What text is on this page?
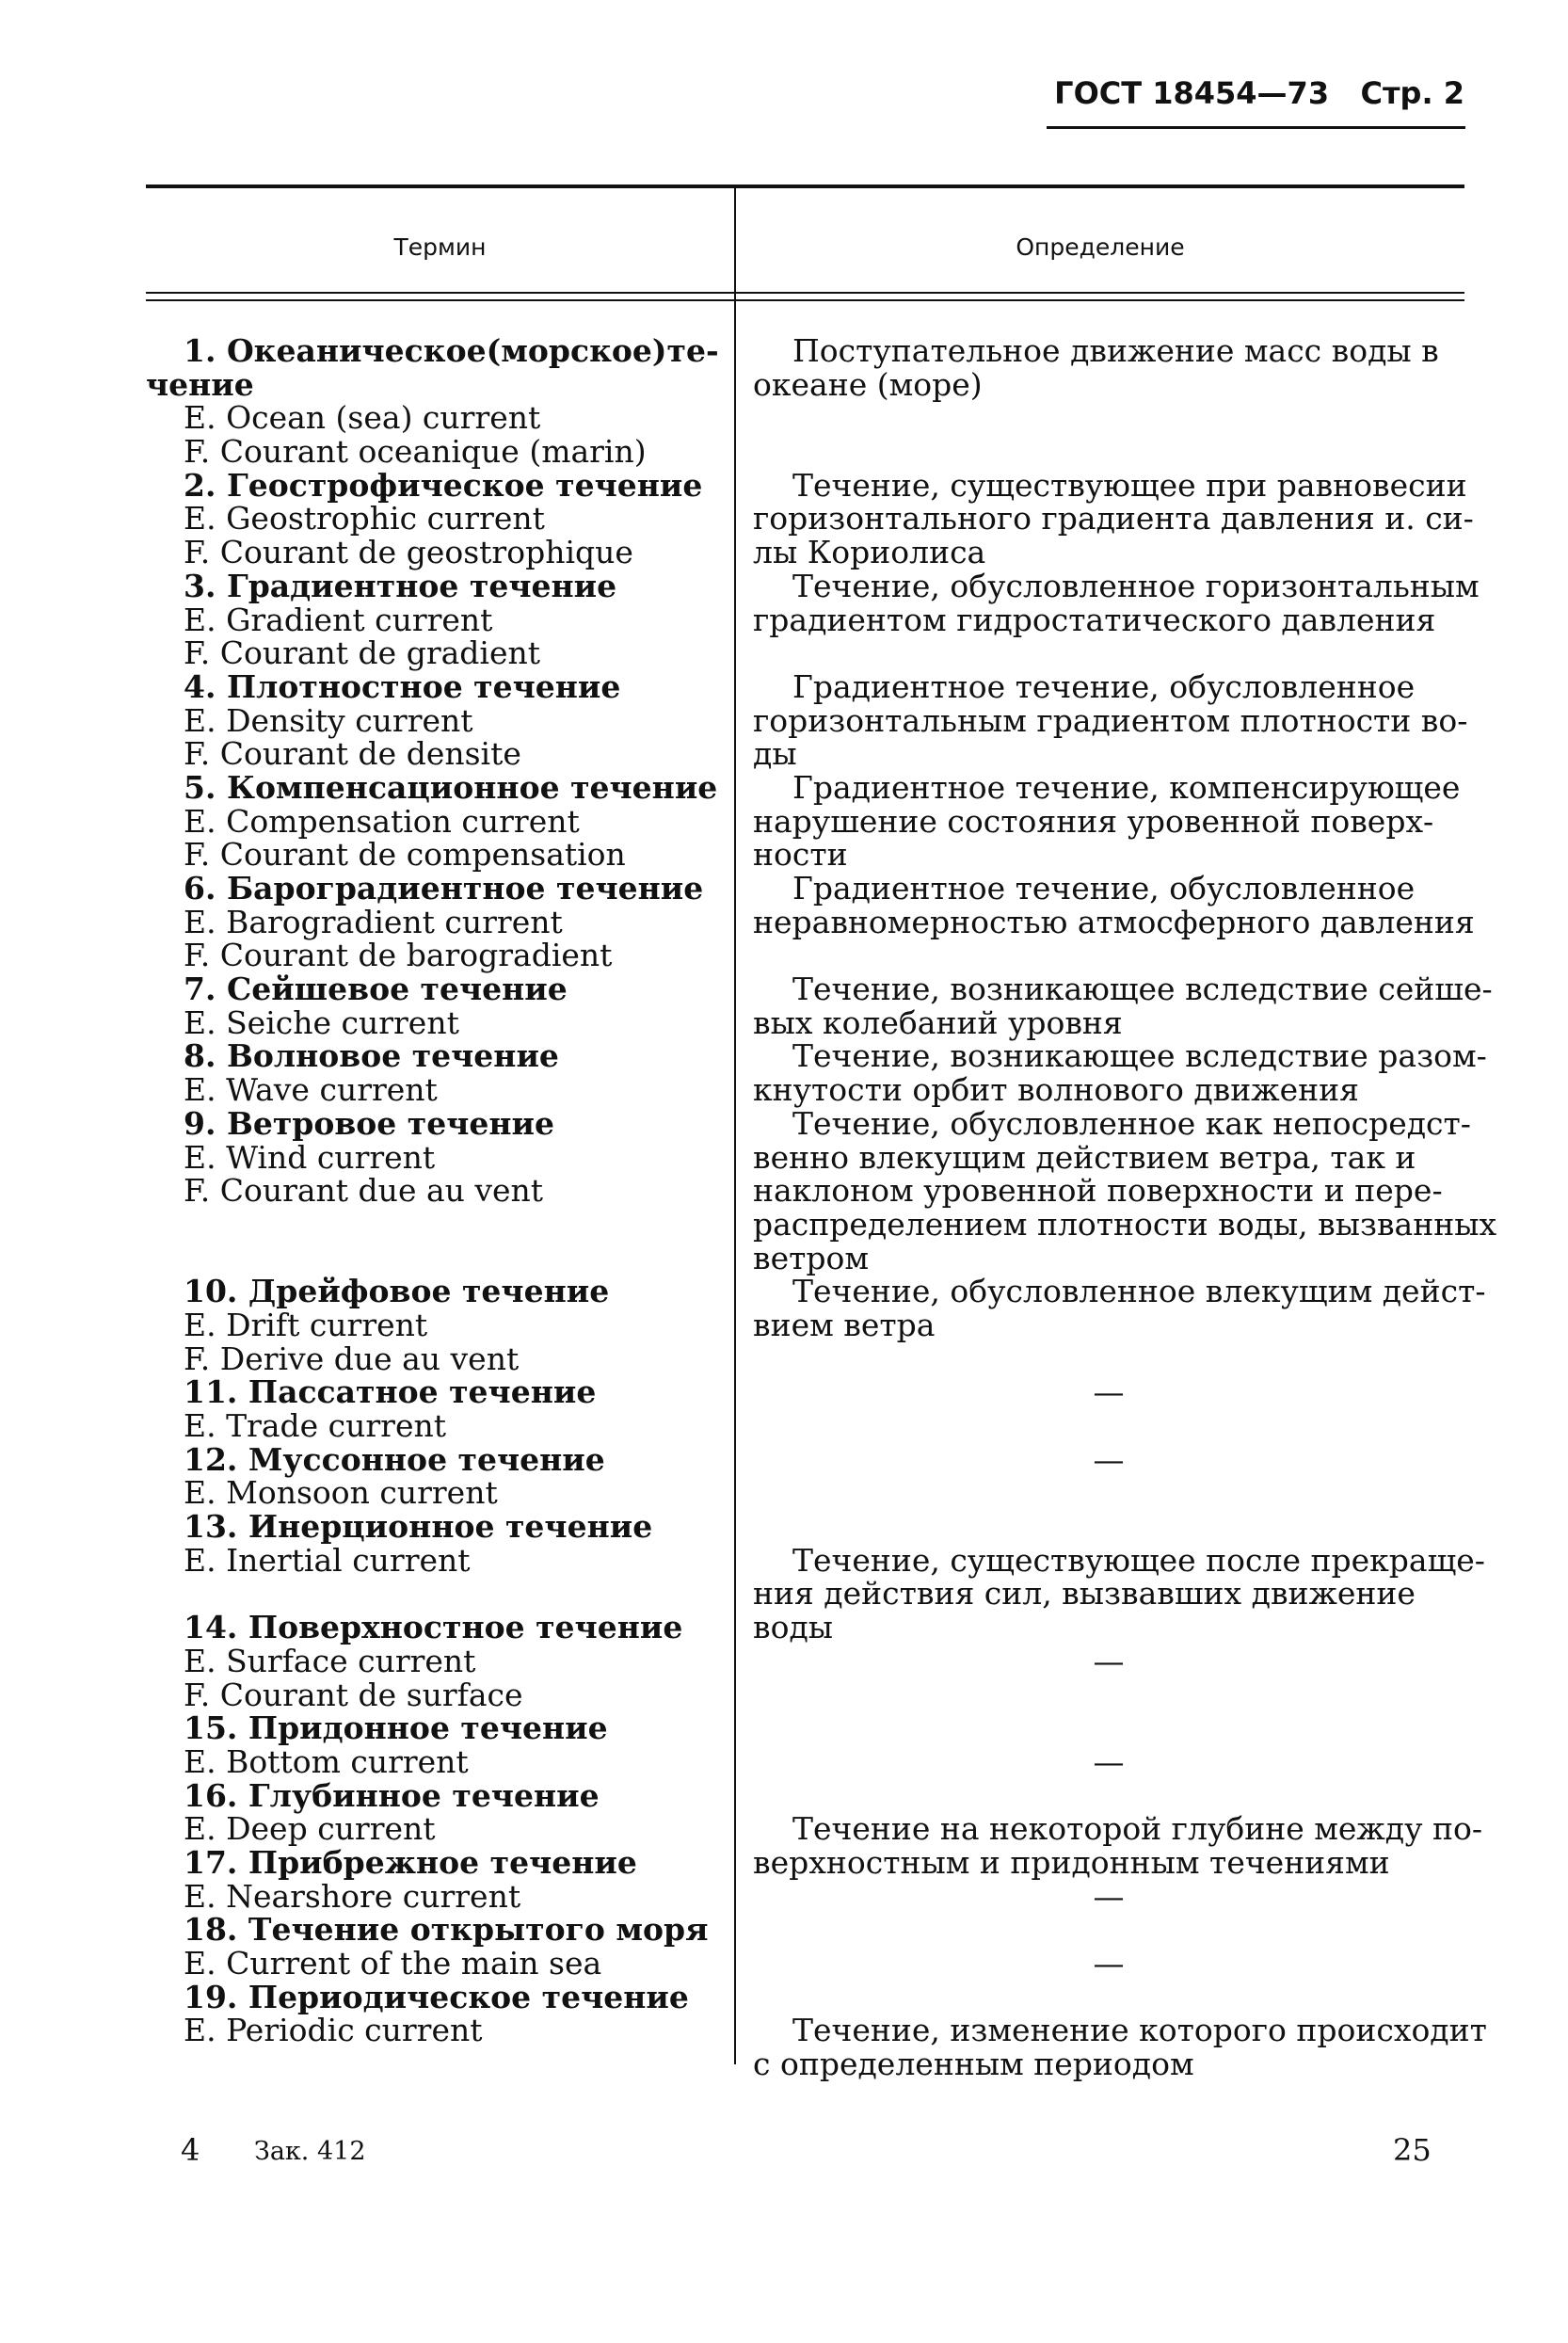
ГОСТ 18454—73 Стр. 2
Термин	Определение
1. Океаническое (морское) те-
чение
E. Ocean (sea) current
F. Courant oceanique (marin)
2. Геострофическое течение
E. Geostrophic current
F. Courant de geostrophique
3. Градиентное течение
E. Gradient current
F. Courant de gradient
4. Плотностное течение
E. Density current
F. Courant de densite
5. Компенсационное течение
E. Compensation current
F. Courant de compensation
6. Бароградиентное течение
E. Barogradient current
F. Courant de barogradient
7. Сейшевое течение
E. Seiche current
8. Волновое течение
E. Wave current
9. Ветровое течение
E. Wind current
F. Courant due au vent
10. Дрейфовое течение
E. Drift current
F. Derive due au vent
11. Пассатное течение
E. Trade current
12. Муссонное течение
E. Monsoon current
13. Инерционное течение
E. Inertial current
14. Поверхностное течение
E. Surface current
F. Courant de surface
15. Придонное течение
E. Bottom current
16. Глубинное течение
E. Deep current
17. Прибрежное течение
E. Nearshore current
18. Течение открытого моря
E. Current of the main sea
19. Периодическое течение
E. Periodic current
Поступательное движение масс воды в
океане (море)
Течение, существующее при равновесии
горизонтального градиента давления и. си-
лы Кориолиса
Течение, обусловленное горизонтальным
градиентом гидростатического давления
Градиентное течение, обусловленное
горизонтальным градиентом плотности во-
ды
Градиентное течение, компенсирующее
нарушение состояния уровенной поверх-
ности
Градиентное течение, обусловленное
неравномерностью атмосферного давления
Течение, возникающее вследствие сейше-
вых колебаний уровня
Течение, возникающее вследствие разом-
кнутости орбит волнового движения
Течение, обусловленное как непосредст-
венно влекущим действием ветра, так и
наклоном уровенной поверхности и пере-
распределением плотности воды, вызванных
ветром
Течение, обусловленное влекущим дейст-
вием ветра
—
—
Течение, существующее после прекраще-
ния действия сил, вызвавших движение
воды
—
—
Течение на некоторой глубине между по-
верхностным и придонным течениями
—
—
Течение, изменение которого происходит
с определенным периодом
4 Зак. 412	25
